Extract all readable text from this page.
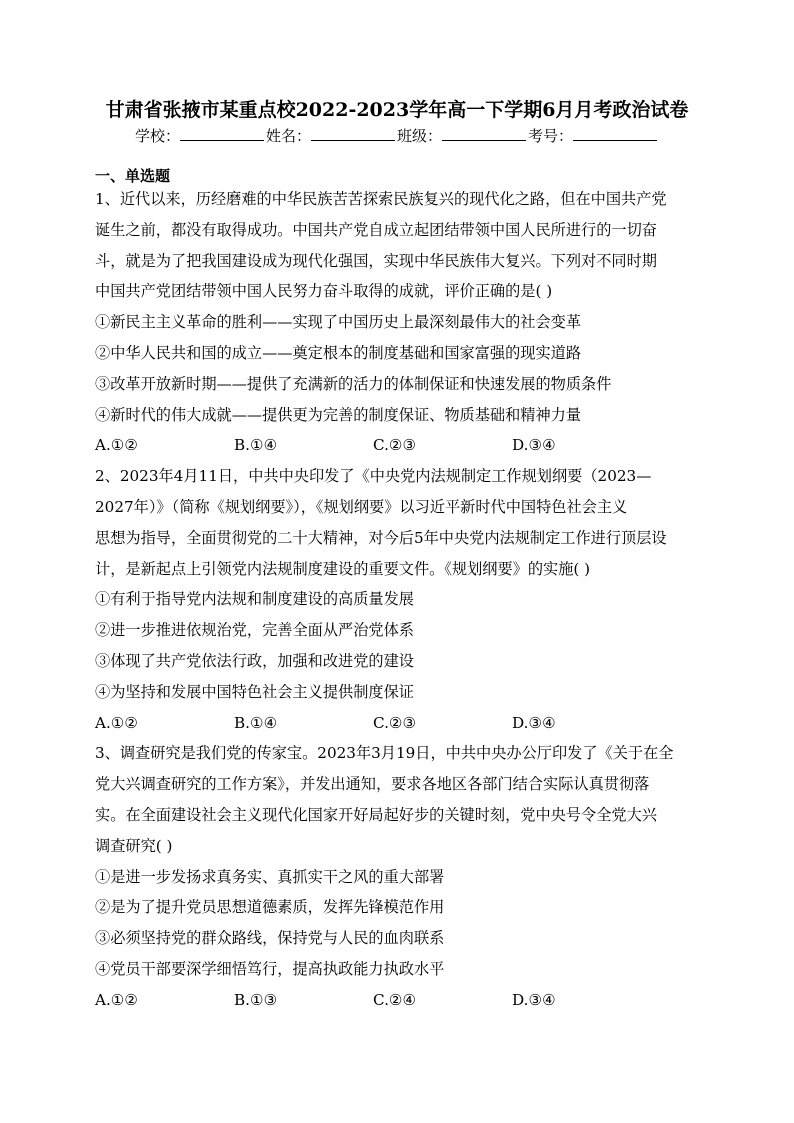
甘肃省张掖市某重点校2022-2023学年高一下学期6月月考政治试卷
学校：	姓名：	班级：	考号：
一、单选题
1、近代以来，历经磨难的中华民族苦苦探索民族复兴的现代化之路，但在中国共产党
诞生之前，都没有取得成功。中国共产党自成立起团结带领中国人民所进行的一切奋
斗，就是为了把我国建设成为现代化强国，实现中华民族伟大复兴。下列对不同时期
中国共产党团结带领中国人民努力奋斗取得的成就，评价正确的是( )
①新民主主义革命的胜利——实现了中国历史上最深刻最伟大的社会变革
②中华人民共和国的成立——奠定根本的制度基础和国家富强的现实道路
③改革开放新时期——提供了充满新的活力的体制保证和快速发展的物质条件
④新时代的伟大成就——提供更为完善的制度保证、物质基础和精神力量
A.①②	B.①④	C.②③	D.③④
2、2023年4月11日，中共中央印发了《中央党内法规制定工作规划纲要（2023—
2027年）》（简称《规划纲要》），《规划纲要》以习近平新时代中国特色社会主义
思想为指导，全面贯彻党的二十大精神，对今后5年中央党内法规制定工作进行顶层设
计，是新起点上引领党内法规制度建设的重要文件。《规划纲要》的实施( )
①有利于指导党内法规和制度建设的高质量发展
②进一步推进依规治党，完善全面从严治党体系
③体现了共产党依法行政，加强和改进党的建设
④为坚持和发展中国特色社会主义提供制度保证
A.①②	B.①④	C.②③	D.③④
3、调查研究是我们党的传家宝。2023年3月19日，中共中央办公厅印发了《关于在全
党大兴调查研究的工作方案》，并发出通知，要求各地区各部门结合实际认真贯彻落
实。在全面建设社会主义现代化国家开好局起好步的关键时刻，党中央号令全党大兴
调查研究( )
①是进一步发扬求真务实、真抓实干之风的重大部署
②是为了提升党员思想道德素质，发挥先锋模范作用
③必须坚持党的群众路线，保持党与人民的血肉联系
④党员干部要深学细悟笃行，提高执政能力执政水平
A.①②	B.①③	C.②④	D.③④
